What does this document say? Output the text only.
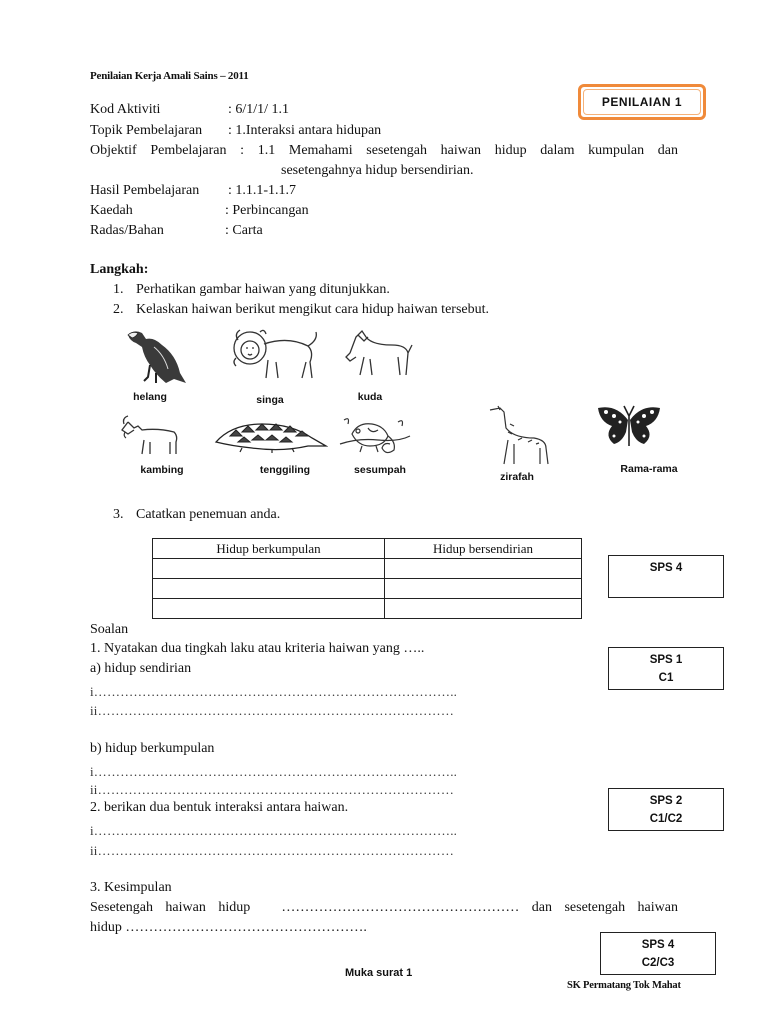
Penilaian Kerja Amali Sains – 2011
PENILAIAN 1
Kod Aktiviti	: 6/1/1/ 1.1
Topik Pembelajaran : 1.Interaksi antara hidupan
Objektif  Pembelajaran  :  1.1  Memahami  sesetengah  haiwan  hidup  dalam  kumpulan  dan
sesetengahnya hidup bersendirian.
Hasil Pembelajaran : 1.1.1-1.1.7
Kaedah	: Perbincangan
Radas/Bahan	: Carta
Langkah:
1. Perhatikan gambar haiwan yang ditunjukkan.
2. Kelaskan haiwan berikut mengikut cara hidup haiwan tersebut.
helang	singa	kuda
kambing	tenggiling	sesumpah
zirafah
Rama-rama
3. Catatkan penemuan anda.
Hidup berkumpulan	Hidup bersendirian

SPS 4
SPS 1
C1
SPS 2
C1/C2
SPS 4
C2/C3
Soalan
1. Nyatakan dua tingkah laku atau kriteria haiwan yang …..
a) hidup sendirian
i………………………………………………………………………..
ii………………………………………………………………………
b) hidup berkumpulan
i………………………………………………………………………..
ii………………………………………………………………………
2. berikan dua bentuk interaksi antara haiwan.
i………………………………………………………………………..
ii………………………………………………………………………
3. Kesimpulan
Sesetengah  haiwan  hidup     ……………………………………………  dan  sesetengah  haiwan
hidup …………………………………………….
Muka surat 1
SK Permatang Tok Mahat
